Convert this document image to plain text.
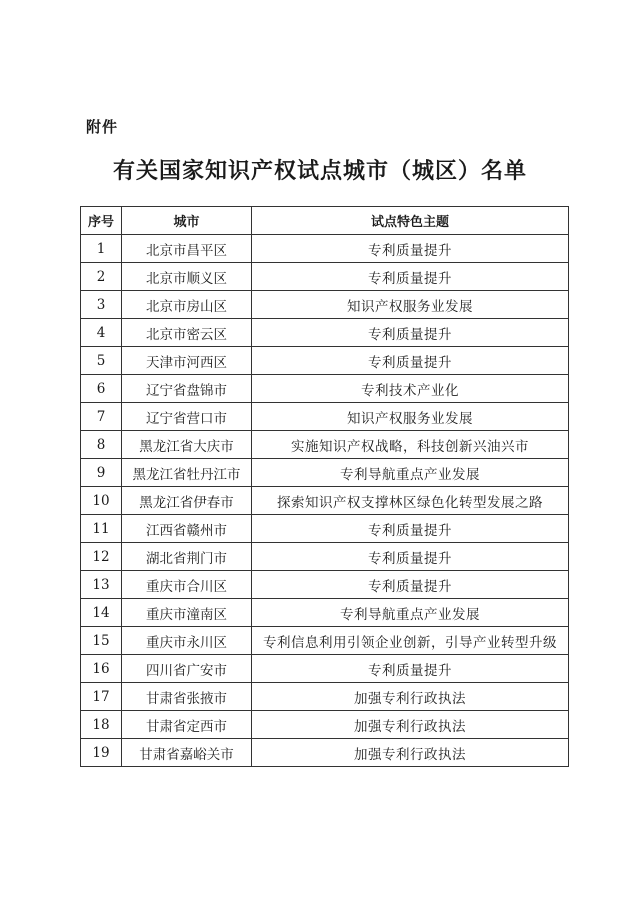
附件
有关国家知识产权试点城市（城区）名单
序号	城市	试点特色主题
1	北京市昌平区	专利质量提升
2	北京市顺义区	专利质量提升
3	北京市房山区	知识产权服务业发展
4	北京市密云区	专利质量提升
5	天津市河西区	专利质量提升
6	辽宁省盘锦市	专利技术产业化
7	辽宁省营口市	知识产权服务业发展
8	黑龙江省大庆市	实施知识产权战略，科技创新兴油兴市
9	黑龙江省牡丹江市	专利导航重点产业发展
10	黑龙江省伊春市	探索知识产权支撑林区绿色化转型发展之路
11	江西省赣州市	专利质量提升
12	湖北省荆门市	专利质量提升
13	重庆市合川区	专利质量提升
14	重庆市潼南区	专利导航重点产业发展
15	重庆市永川区	专利信息利用引领企业创新，引导产业转型升级
16	四川省广安市	专利质量提升
17	甘肃省张掖市	加强专利行政执法
18	甘肃省定西市	加强专利行政执法
19	甘肃省嘉峪关市	加强专利行政执法
